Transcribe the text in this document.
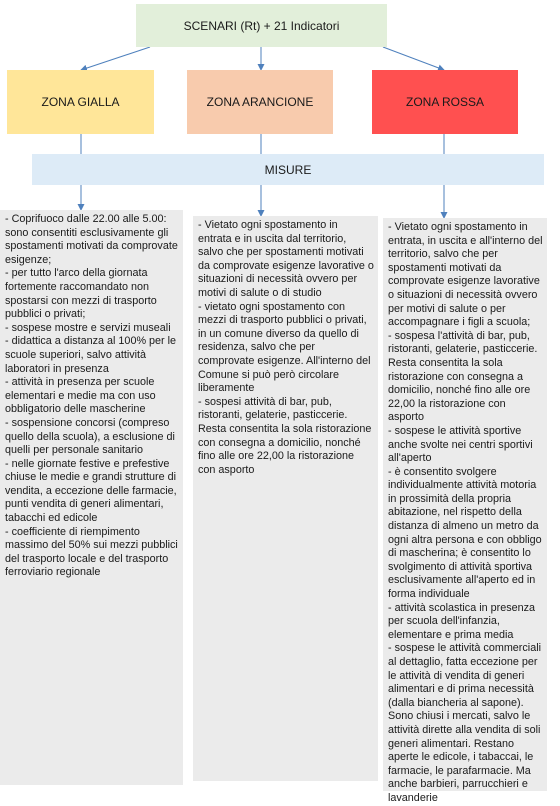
SCENARI (Rt) + 21 Indicatori
ZONA GIALLA	ZONA ARANCIONE	ZONA ROSSA
MISURE
- Coprifuoco dalle 22.00 alle 5.00: sono consentiti esclusivamente gli spostamenti motivati da comprovate esigenze;
- per tutto l'arco della giornata fortemente raccomandato non spostarsi con mezzi di trasporto pubblici o privati;
- sospese mostre e servizi museali
- didattica a distanza al 100% per le scuole superiori, salvo attività laboratori in presenza
- attività in presenza per scuole elementari e medie ma con uso obbligatorio delle mascherine
- sospensione concorsi (compreso quello della scuola), a esclusione di quelli per personale sanitario
- nelle giornate festive e prefestive chiuse le medie e grandi strutture di vendita, a eccezione delle farmacie, punti vendita di generi alimentari, tabacchi ed edicole
- coefficiente di riempimento massimo del 50% sui mezzi pubblici del trasporto locale e del trasporto ferroviario regionale
- Vietato ogni spostamento in entrata e in uscita dal territorio, salvo che per spostamenti motivati da comprovate esigenze lavorative o situazioni di necessità ovvero per motivi di salute o di studio
- vietato ogni spostamento con mezzi di trasporto pubblici o privati, in un comune diverso da quello di residenza, salvo che per comprovate esigenze. All'interno del Comune si può però circolare liberamente
- sospesi attività di bar, pub, ristoranti, gelaterie, pasticcerie. Resta consentita la sola ristorazione con consegna a domicilio, nonché fino alle ore 22,00 la ristorazione con asporto
- Vietato ogni spostamento in entrata, in uscita e all'interno del territorio, salvo che per spostamenti motivati da comprovate esigenze lavorative o situazioni di necessità ovvero per motivi di salute o per accompagnare i figli a scuola;
- sospesa l'attività di bar, pub, ristoranti, gelaterie, pasticcerie. Resta consentita la sola ristorazione con consegna a domicilio, nonché fino alle ore 22,00 la ristorazione con asporto
- sospese le attività sportive anche svolte nei centri sportivi all'aperto
- è consentito svolgere individualmente attività motoria in prossimità della propria abitazione, nel rispetto della distanza di almeno un metro da ogni altra persona e con obbligo di mascherina; è consentito lo svolgimento di attività sportiva esclusivamente all'aperto ed in forma individuale
- attività scolastica in presenza per scuola dell'infanzia, elementare e prima media
- sospese le attività commerciali al dettaglio, fatta eccezione per le attività di vendita di generi alimentari e di prima necessità (dalla biancheria al sapone). Sono chiusi i mercati, salvo le attività dirette alla vendita di soli generi alimentari. Restano aperte le edicole, i tabaccai, le farmacie, le parafarmacie. Ma anche barbieri, parrucchieri e lavanderie
